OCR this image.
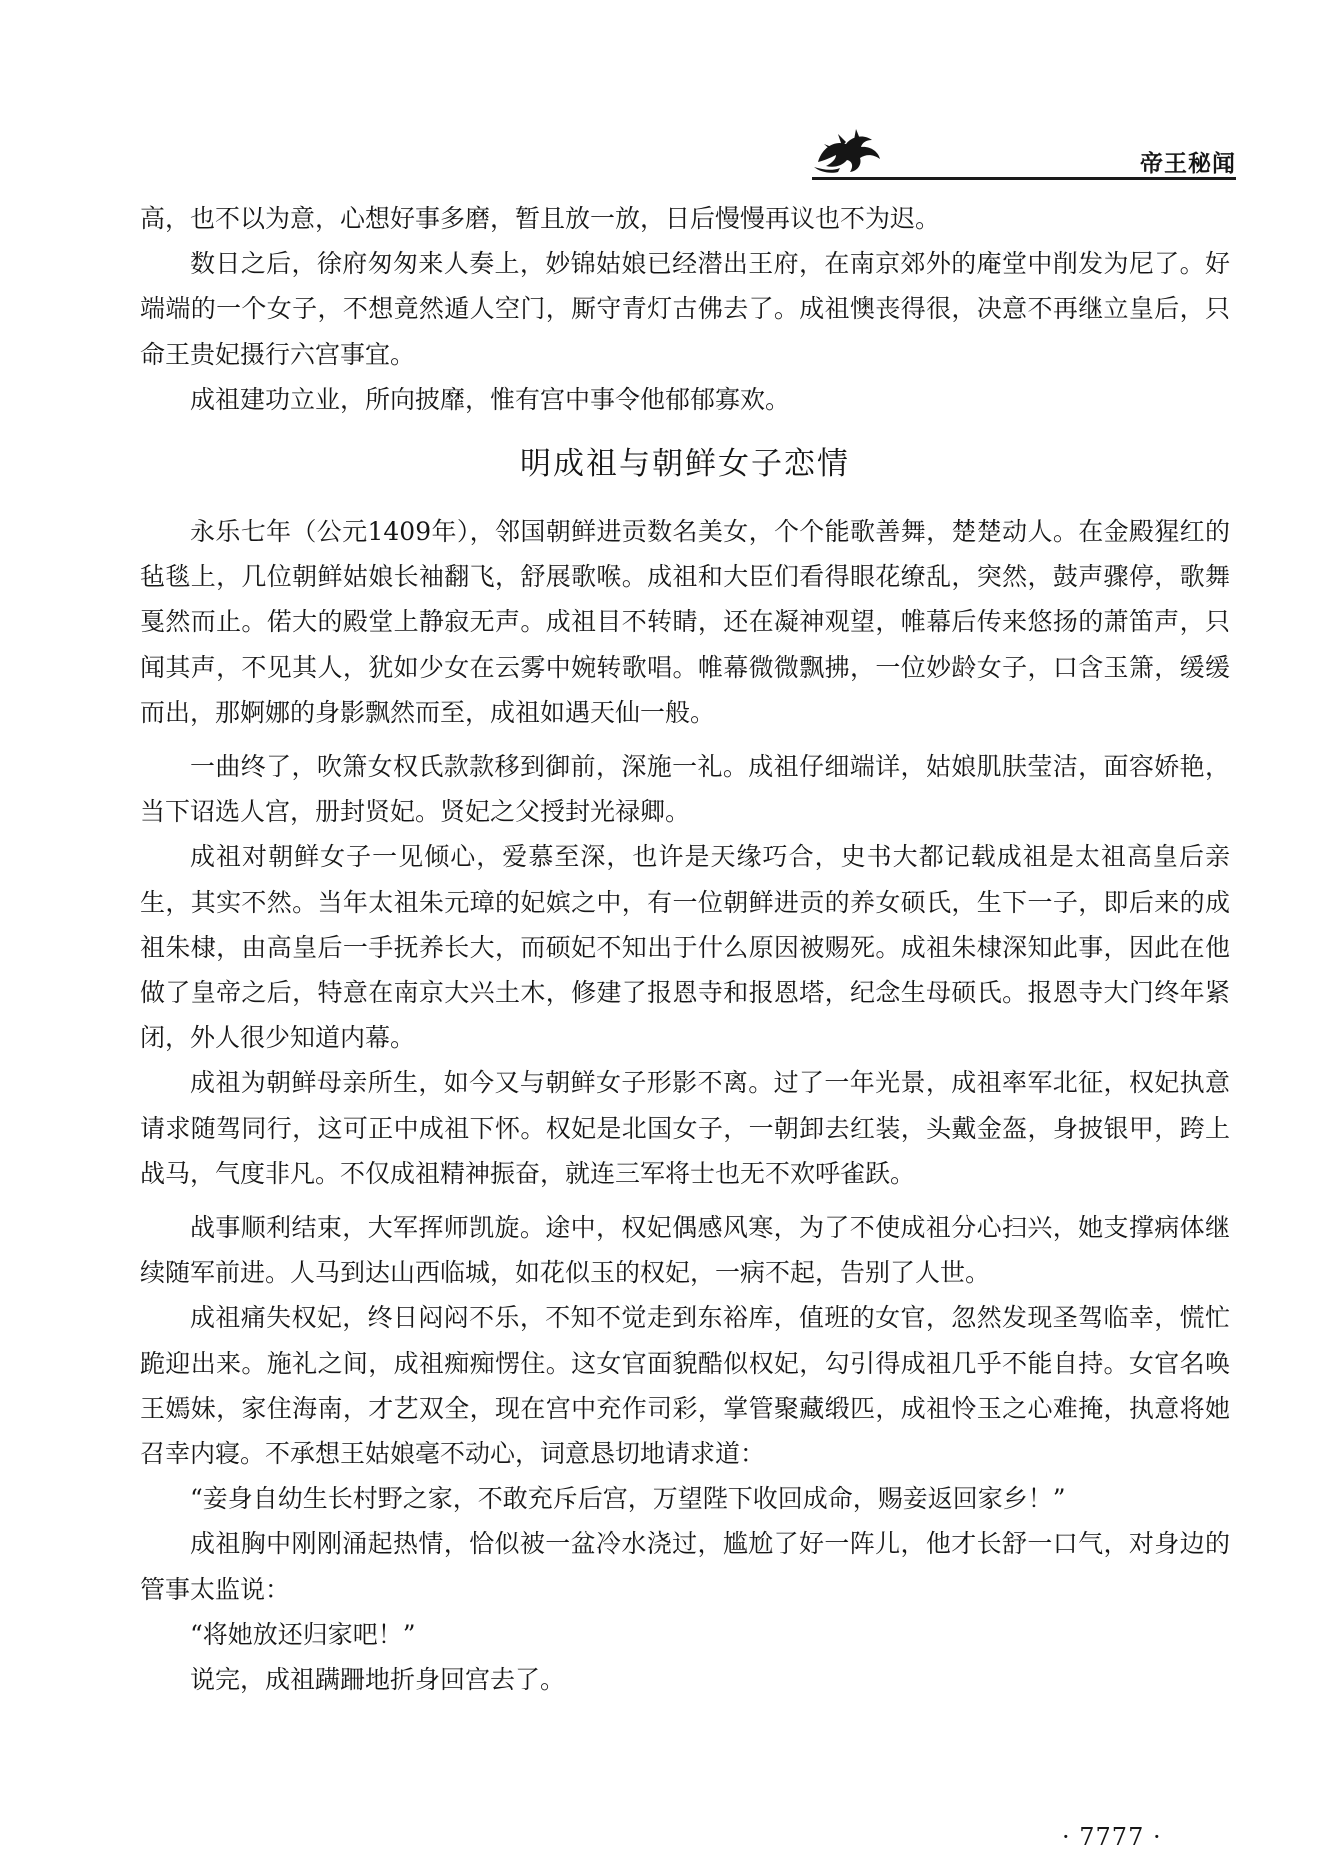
帝王秘闻

高，也不以为意，心想好事多磨，暂且放一放，日后慢慢再议也不为迟。

数日之后，徐府匆匆来人奏上，妙锦姑娘已经潜出王府，在南京郊外的庵堂中削发为尼了。好端端的一个女子，不想竟然遁人空门，厮守青灯古佛去了。成祖懊丧得很，决意不再继立皇后，只命王贵妃摄行六宫事宜。

成祖建功立业，所向披靡，惟有宫中事令他郁郁寡欢。

明成祖与朝鲜女子恋情

永乐七年（公元1409年），邻国朝鲜进贡数名美女，个个能歌善舞，楚楚动人。在金殿猩红的毡毯上，几位朝鲜姑娘长袖翻飞，舒展歌喉。成祖和大臣们看得眼花缭乱，突然，鼓声骤停，歌舞戛然而止。偌大的殿堂上静寂无声。成祖目不转睛，还在凝神观望，帷幕后传来悠扬的萧笛声，只闻其声，不见其人，犹如少女在云雾中婉转歌唱。帷幕微微飘拂，一位妙龄女子，口含玉箫，缓缓而出，那婀娜的身影飘然而至，成祖如遇天仙一般。

一曲终了，吹箫女权氏款款移到御前，深施一礼。成祖仔细端详，姑娘肌肤莹洁，面容娇艳，当下诏选人宫，册封贤妃。贤妃之父授封光禄卿。

成祖对朝鲜女子一见倾心，爱慕至深，也许是天缘巧合，史书大都记载成祖是太祖高皇后亲生，其实不然。当年太祖朱元璋的妃嫔之中，有一位朝鲜进贡的养女硕氏，生下一子，即后来的成祖朱棣，由高皇后一手抚养长大，而硕妃不知出于什么原因被赐死。成祖朱棣深知此事，因此在他做了皇帝之后，特意在南京大兴土木，修建了报恩寺和报恩塔，纪念生母硕氏。报恩寺大门终年紧闭，外人很少知道内幕。

成祖为朝鲜母亲所生，如今又与朝鲜女子形影不离。过了一年光景，成祖率军北征，权妃执意请求随驾同行，这可正中成祖下怀。权妃是北国女子，一朝卸去红装，头戴金盔，身披银甲，跨上战马，气度非凡。不仅成祖精神振奋，就连三军将士也无不欢呼雀跃。

战事顺利结束，大军挥师凯旋。途中，权妃偶感风寒，为了不使成祖分心扫兴，她支撑病体继续随军前进。人马到达山西临城，如花似玉的权妃，一病不起，告别了人世。

成祖痛失权妃，终日闷闷不乐，不知不觉走到东裕库，值班的女官，忽然发现圣驾临幸，慌忙跪迎出来。施礼之间，成祖痴痴愣住。这女官面貌酷似权妃，勾引得成祖几乎不能自持。女官名唤王嫣妹，家住海南，才艺双全，现在宫中充作司彩，掌管聚藏缎匹，成祖怜玉之心难掩，执意将她召幸内寝。不承想王姑娘毫不动心，词意恳切地请求道：

“妾身自幼生长村野之家，不敢充斥后宫，万望陛下收回成命，赐妾返回家乡！”

成祖胸中刚刚涌起热情，恰似被一盆冷水浇过，尴尬了好一阵儿，他才长舒一口气，对身边的管事太监说：

“将她放还归家吧！”

说完，成祖蹒跚地折身回宫去了。

· 7777 ·
